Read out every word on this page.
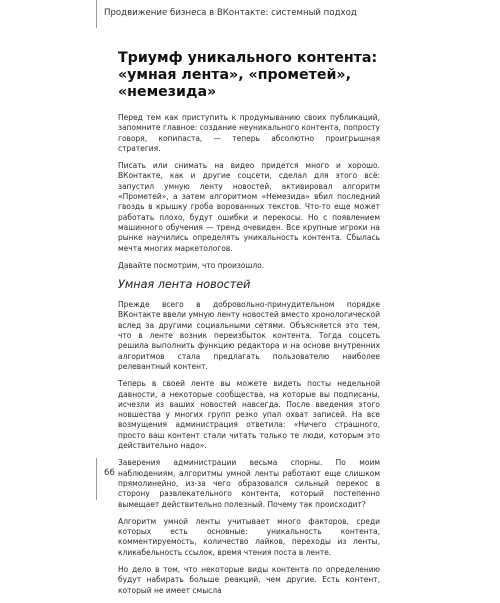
Продвижение бизнеса в ВКонтакте: системный подход
Триумф уникального контента: «умная лента», «прометей», «немезида»

Перед тем как приступить к продумыванию своих публикаций, запомните главное: создание неуникального контента, попросту говоря, копипаста, — теперь абсолютно проигрышная стратегия.

Писать или снимать на видео придется много и хорошо. ВКонтакте, как и другие соцсети, сделал для этого всё: запустил умную ленту новостей, активировал алгоритм «Прометей», а затем алгоритмом «Немезида» вбил последний гвоздь в крышку гроба ворованных текстов. Что-то еще может работать плохо, будут ошибки и перекосы. Но с появлением машинного обучения — тренд очевиден. Все крупные игроки на рынке научились определять уникальность контента. Сбылась мечта многих маркетологов.

Давайте посмотрим, что произошло.

Умная лента новостей

Прежде всего в добровольно-принудительном порядке ВКонтакте ввели умную ленту новостей вместо хронологической вслед за другими социальными сетями. Объясняется это тем, что в ленте возник переизбыток контента. Тогда соцсеть решила выполнить функцию редактора и на основе внутренних алгоритмов стала предлагать пользователю наиболее релевантный контент.

Теперь в своей ленте вы можете видеть посты недельной давности, а некоторые сообщества, на которые вы подписаны, исчезли из ваших новостей навсегда. После введения этого новшества у многих групп резко упал охват записей. На все возмущения администрация ответила: «Ничего страшного, просто ваш контент стали читать только те люди, которым это действительно надо».

Заверения администрации весьма спорны. По моим наблюдениям, алгоритмы умной ленты работают еще слишком прямолинейно, из-за чего образовался сильный перекос в сторону развлекательного контента, который постепенно вымещает действительно полезный. Почему так происходит?

Алгоритм умной ленты учитывает много факторов, среди которых есть основные: уникальность контента, комментируемость, количество лайков, переходы из ленты, кликабельность ссылок, время чтения поста в ленте.

Но дело в том, что некоторые виды контента по определению будут набирать больше реакций, чем другие. Есть контент, который не имеет смысла

66
